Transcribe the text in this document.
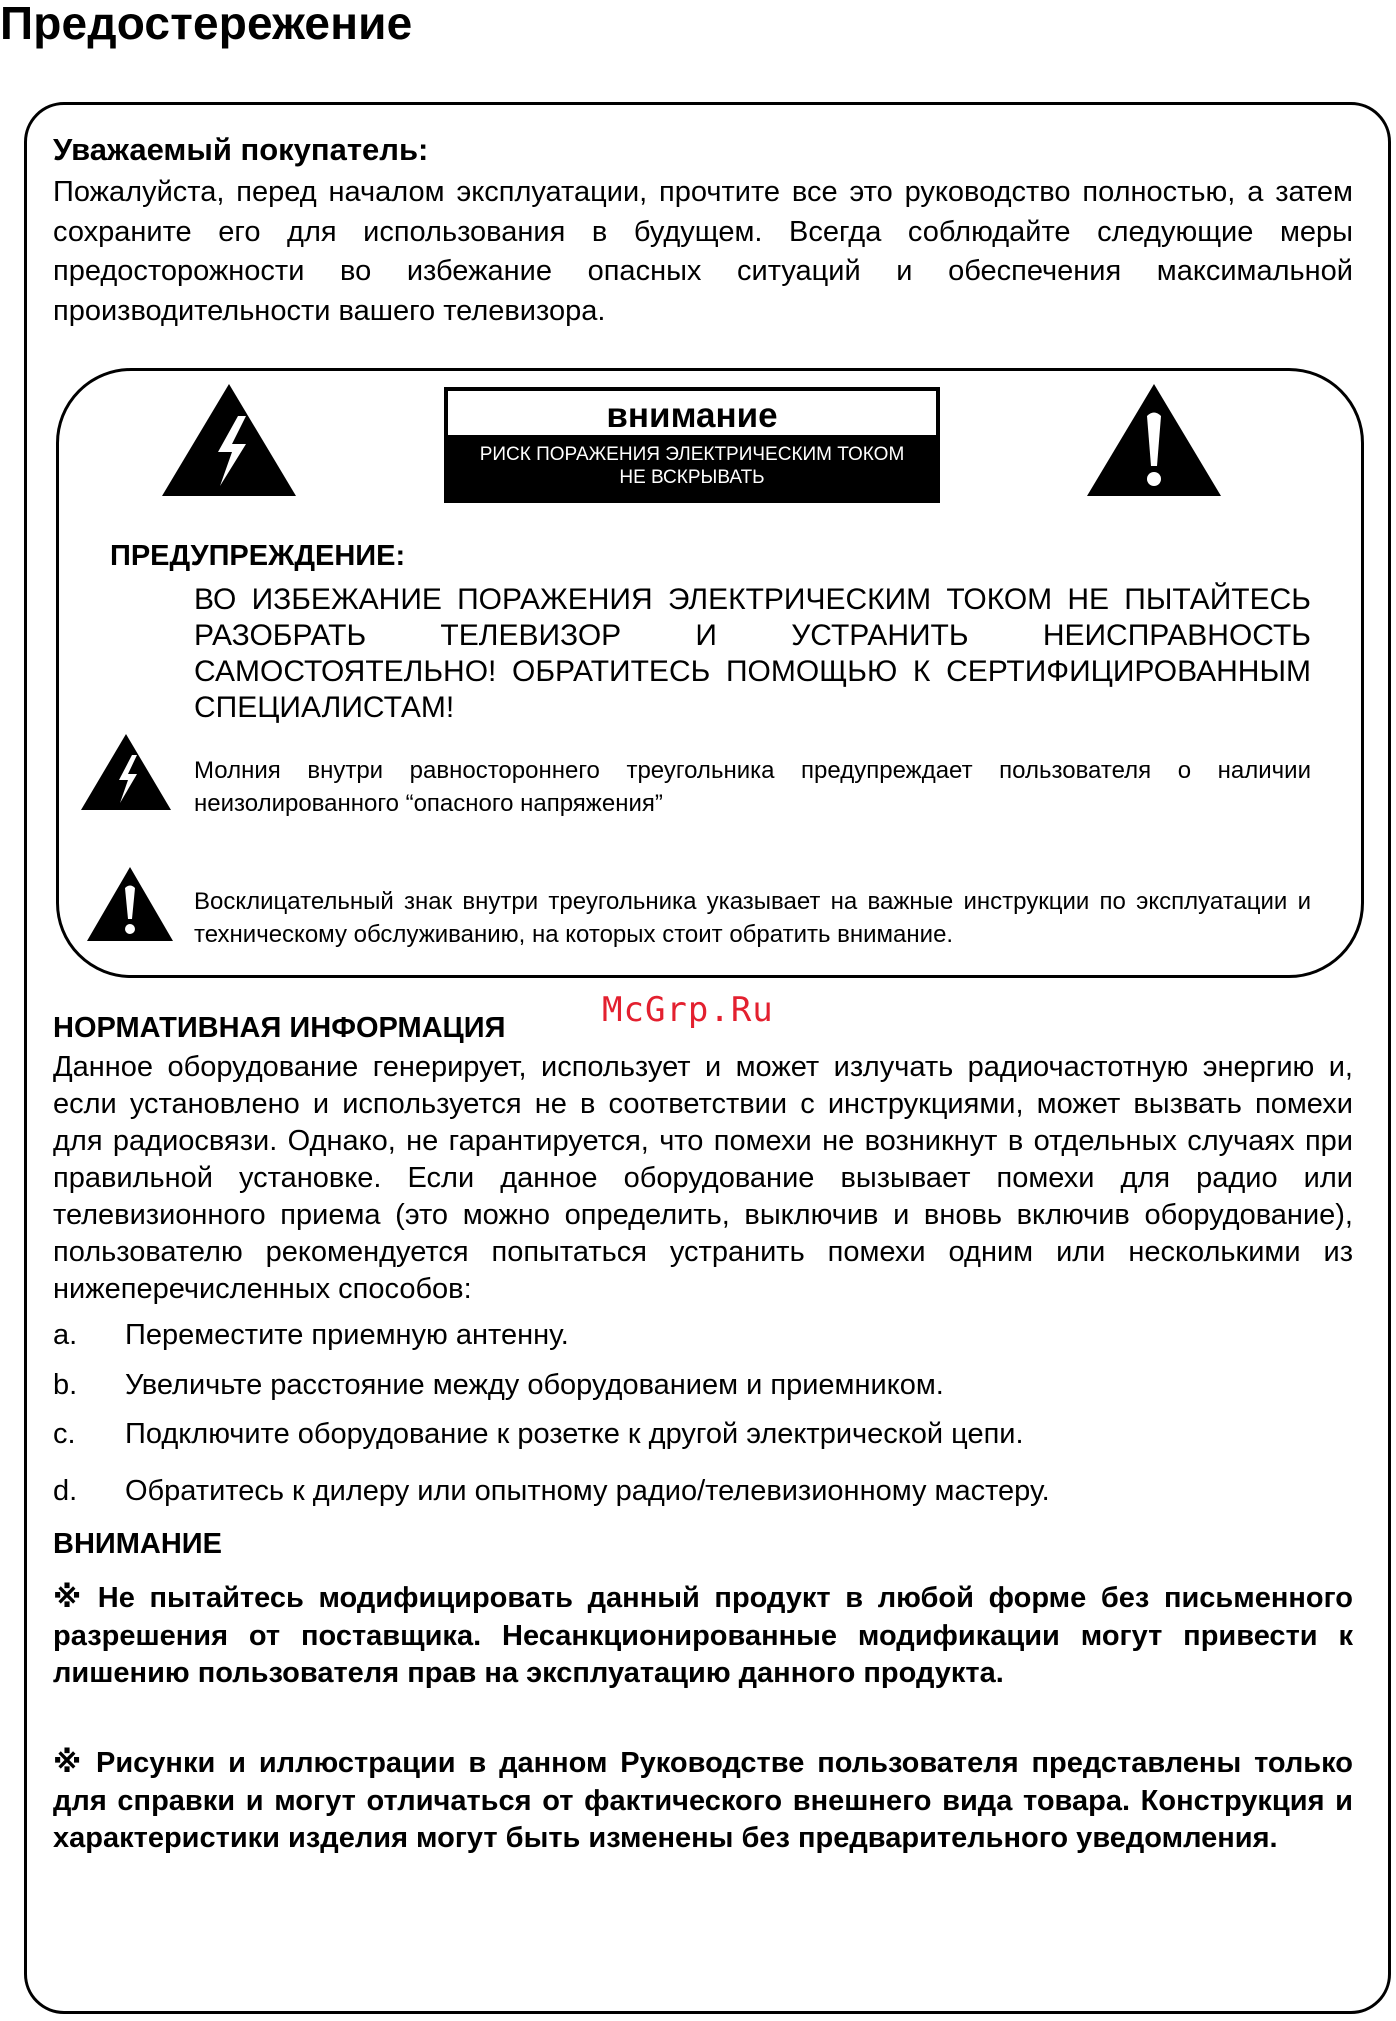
Предостережение
Уважаемый покупатель:
Пожалуйста, перед началом эксплуатации, прочтите все это руководство полностью, а затем сохраните его для использования в будущем. Всегда соблюдайте следующие меры предосторожности во избежание опасных ситуаций и обеспечения максимальной производительности вашего телевизора.
внимание
РИСК ПОРАЖЕНИЯ ЭЛЕКТРИЧЕСКИМ ТОКОМ
НЕ ВСКРЫВАТЬ
ПРЕДУПРЕЖДЕНИЕ:
ВО ИЗБЕЖАНИЕ ПОРАЖЕНИЯ ЭЛЕКТРИЧЕСКИМ ТОКОМ НЕ ПЫТАЙТЕСЬ РАЗОБРАТЬ ТЕЛЕВИЗОР И УСТРАНИТЬ НЕИСПРАВНОСТЬ САМОСТОЯТЕЛЬНО! ОБРАТИТЕСЬ ПОМОЩЬЮ К СЕРТИФИЦИРОВАННЫМ СПЕЦИАЛИСТАМ!
Молния внутри равностороннего треугольника предупреждает пользователя о наличии неизолированного “опасного напряжения”
Восклицательный знак внутри треугольника указывает на важные инструкции по эксплуатации и техническому обслуживанию, на которых стоит обратить внимание.
McGrp.Ru
НОРМАТИВНАЯ ИНФОРМАЦИЯ
Данное оборудование генерирует, использует и может излучать радиочастотную энергию и, если установлено и используется не в соответствии с инструкциями, может вызвать помехи для радиосвязи. Однако, не гарантируется, что помехи не возникнут в отдельных случаях при правильной установке. Если данное оборудование вызывает помехи для радио или телевизионного приема (это можно определить, выключив и вновь включив оборудование), пользователю рекомендуется попытаться устранить помехи одним или несколькими из нижеперечисленных способов:
a. Переместите приемную антенну.
b. Увеличьте расстояние между оборудованием и приемником.
c. Подключите оборудование к розетке к другой электрической цепи.
d. Обратитесь к дилеру или опытному радио/телевизионному мастеру.
ВНИМАНИЕ
※ Не пытайтесь модифицировать данный продукт в любой форме без письменного разрешения от поставщика. Несанкционированные модификации могут привести к лишению пользователя прав на эксплуатацию данного продукта.
※ Рисунки и иллюстрации в данном Руководстве пользователя представлены только для справки и могут отличаться от фактического внешнего вида товара. Конструкция и характеристики изделия могут быть изменены без предварительного уведомления.
